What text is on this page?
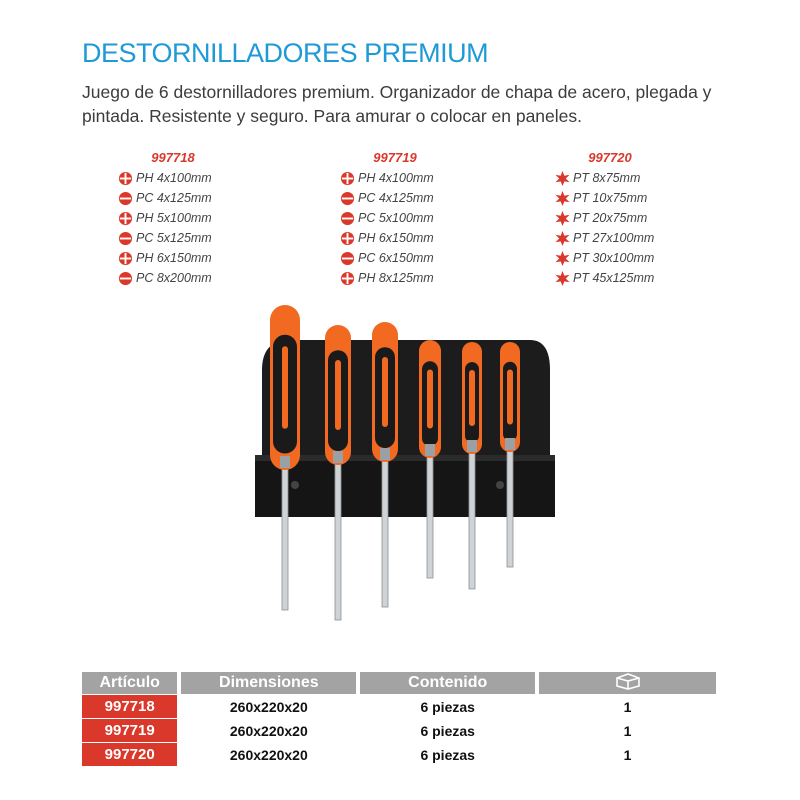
DESTORNILLADORES PREMIUM
Juego de 6 destornilladores premium. Organizador de chapa de acero, plegada y pintada. Resistente y seguro. Para amurar o colocar en paneles.
997718
PH 4x100mm
PC 4x125mm
PH 5x100mm
PC 5x125mm
PH 6x150mm
PC 8x200mm
997719
PH 4x100mm
PC 4x125mm
PC 5x100mm
PH 6x150mm
PC 6x150mm
PH 8x125mm
997720
PT 8x75mm
PT 10x75mm
PT 20x75mm
PT 27x100mm
PT 30x100mm
PT 45x125mm
Artículo	Dimensiones	Contenido
997718	260x220x20	6 piezas	1
997719	260x220x20	6 piezas	1
997720	260x220x20	6 piezas	1
